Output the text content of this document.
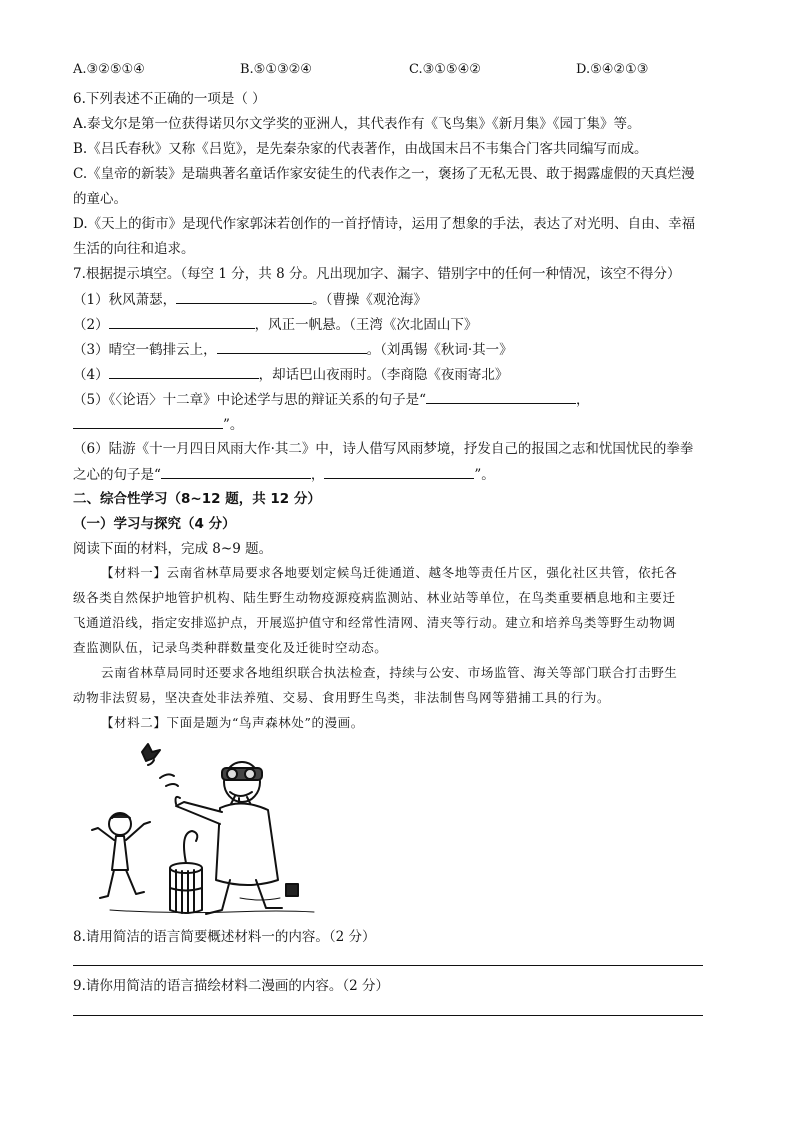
A.③②⑤①④	B.⑤①③②④	C.③①⑤④②	D.⑤④②①③
6.下列表述不正确的一项是（ ）
A.泰戈尔是第一位获得诺贝尔文学奖的亚洲人，其代表作有《飞鸟集》《新月集》《园丁集》等。
B.《吕氏春秋》又称《吕览》，是先秦杂家的代表著作，由战国末吕不韦集合门客共同编写而成。
C.《皇帝的新装》是瑞典著名童话作家安徒生的代表作之一，褒扬了无私无畏、敢于揭露虚假的天真烂漫
的童心。
D.《天上的街市》是现代作家郭沫若创作的一首抒情诗，运用了想象的手法，表达了对光明、自由、幸福
生活的向往和追求。
7.根据提示填空。（每空 1 分，共 8 分。凡出现加字、漏字、错别字中的任何一种情况，该空不得分）
（1）秋风萧瑟，	。（曹操《观沧海》
（2）	，风正一帆悬。（王湾《次北固山下》
（3）晴空一鹤排云上，	。（刘禹锡《秋词·其一》
（4）	，却话巴山夜雨时。（李商隐《夜雨寄北》
（5）《〈论语〉十二章》中论述学与思的辩证关系的句子是“	，
”。
（6）陆游《十一月四日风雨大作·其二》中，诗人借写风雨梦境，抒发自己的报国之志和忧国忧民的拳拳
之心的句子是“	，	”。
二、综合性学习（8~12 题，共 12 分）
（一）学习与探究（4 分）
阅读下面的材料，完成 8~9 题。
【材料一】云南省林草局要求各地要划定候鸟迁徙通道、越冬地等责任片区，强化社区共管，依托各
级各类自然保护地管护机构、陆生野生动物疫源疫病监测站、林业站等单位，在鸟类重要栖息地和主要迁
飞通道沿线，指定安排巡护点，开展巡护值守和经常性清网、清夹等行动。建立和培养鸟类等野生动物调
查监测队伍，记录鸟类种群数量变化及迁徙时空动态。
云南省林草局同时还要求各地组织联合执法检查，持续与公安、市场监管、海关等部门联合打击野生
动物非法贸易，坚决查处非法养殖、交易、食用野生鸟类，非法制售鸟网等猎捕工具的行为。
【材料二】下面是题为“鸟声森林处”的漫画。
8.请用简洁的语言简要概述材料一的内容。（2 分）
9.请你用简洁的语言描绘材料二漫画的内容。（2 分）
